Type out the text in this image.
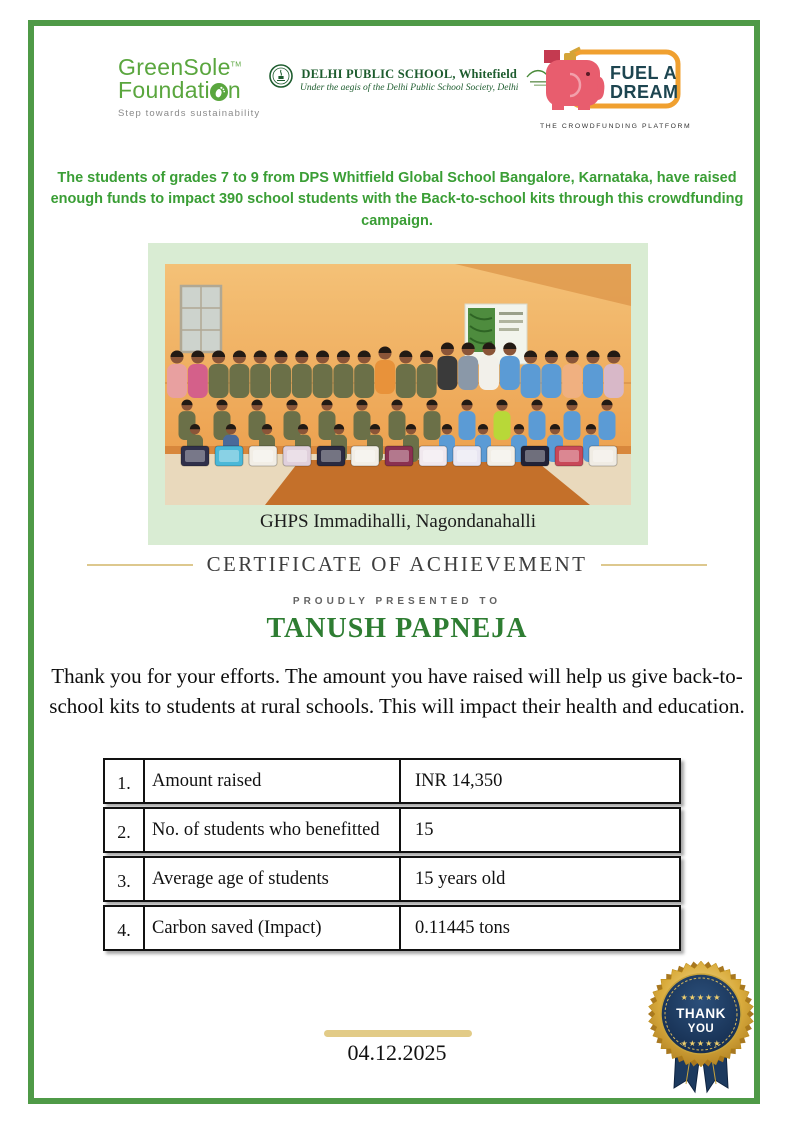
GreenSole™
Foundati n
Step towards sustainability
DELHI PUBLIC SCHOOL, Whitefield
Under the aegis of the Delhi Public School Society, Delhi
FUEL A
DREAM
THE CROWDFUNDING PLATFORM
The students of grades 7 to 9 from DPS Whitfield Global School Bangalore, Karnataka, have raised enough funds to impact 390 school students with the Back-to-school kits through this crowdfunding campaign.
GHPS Immadihalli, Nagondanahalli
CERTIFICATE OF ACHIEVEMENT
PROUDLY PRESENTED TO
TANUSH PAPNEJA
Thank you for your efforts. The amount you have raised will help us give back-to-school kits to students at rural schools. This will impact their health and education.
1.	Amount raised	INR 14,350
2.	No. of students who benefitted	15
3.	Average age of students	15 years old
4.	Carbon saved (Impact)	0.11445 tons
04.12.2025
★★★★★
THANK
YOU
★★★★★
